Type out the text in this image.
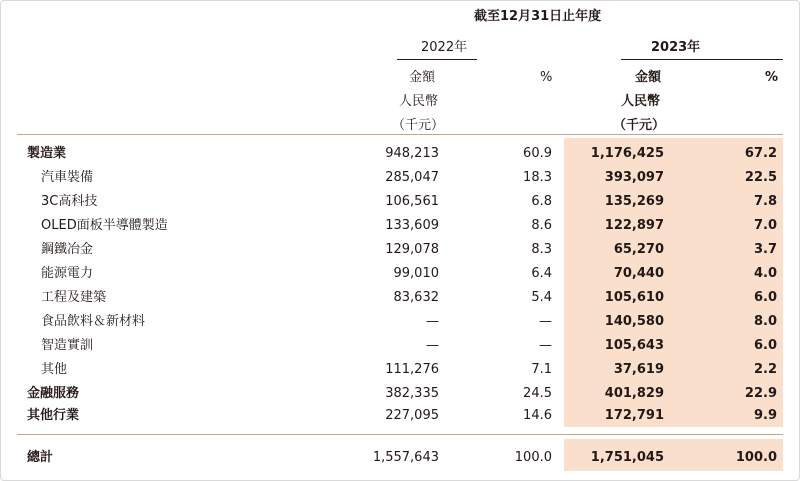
截至12月31日止年度
2022年	2023年
金額	%	金額	%
人民幣	人民幣
（千元）	（千元）
製造業	948,213	60.9	1,176,425	67.2
汽車裝備	285,047	18.3	393,097	22.5
3C高科技	106,561	6.8	135,269	7.8
OLED面板半導體製造	133,609	8.6	122,897	7.0
鋼鐵冶金	129,078	8.3	65,270	3.7
能源電力	99,010	6.4	70,440	4.0
工程及建築	83,632	5.4	105,610	6.0
食品飲料＆新材料	—	—	140,580	8.0
智造實訓	—	—	105,643	6.0
其他	111,276	7.1	37,619	2.2
金融服務	382,335	24.5	401,829	22.9
其他行業	227,095	14.6	172,791	9.9
總計	1,557,643	100.0	1,751,045	100.0
